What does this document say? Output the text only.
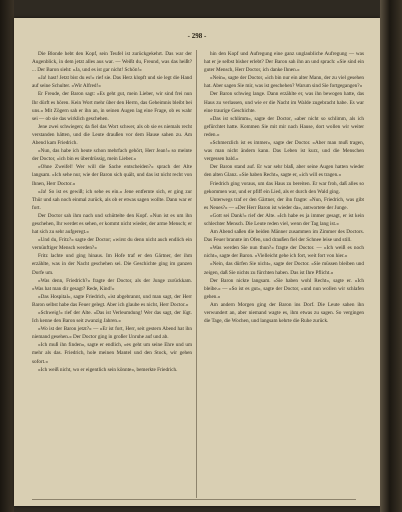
- 298 -

Die Blonde hebt den Kopf, sein Teufel ist zurückgekehrt. Das war der Augenblick, in dem jetzt alles aus war. — Weißt du, Freund, was das heißt? ... Der Baron sieht: »Ja, und es ist gar nicht! Schön!«

»Ja! hast! Jetzt bist du es!« rief sie. Das Herz klopft und sie legt die Hand auf seine Schulter. »Wir Alfred!«

Er Freude, der Baron sagt: »Es geht gut, mein Lieber, wir sind frei nun Ihr dürft es hören. Kein Wort mehr über den Herrn, das Geheimnis bleibt bei uns.« Mit Zögern sah er ihn an, in seinen Augen lag eine Frage, ob es wahr sei — ob sie das wirklich geschehen.

Jene zwei schwiegen; da fiel das Wort schwer, als ob sie es niemals recht verstanden hätten, und die Leute draußen vor dem Hause sahen zu. Am Abend kam Friedrich.

»Nun, das habe ich heute schon mehrfach gehört, Herr Jean!« so meinte der Doctor, »ich bin es überdrüssig, mein Lieber.«

»Ohne Zweifel! Wer will die Sache entscheiden?« sprach der Alte langsam. »Ich sehe nur, wie der Baron sich quält, und das ist nicht recht von Ihnen, Herr Doctor.«

»Ja! So ist es gewiß; ich sehe es ein.« Jene entfernte sich, er ging zur Thür und sah noch einmal zurück, als ob er etwas sagen wollte. Dann war er fort.

Der Doctor sah ihm nach und schüttelte den Kopf. »Nun ist es um ihn geschehen, Ihr werdet es sehen, er kommt nicht wieder, der arme Mensch; er hat sich zu sehr aufgeregt.«

»Und du, Fritz?« sagte der Doctor; »wirst du denn nicht auch endlich ein vernünftiger Mensch werden?«

Fritz lachte und ging hinaus. Im Hofe traf er den Gärtner, der ihm erzählte, was in der Nacht geschehen sei. Die Geschichte ging im ganzen Dorfe um.

»Was denn, Friedrich?« fragte der Doctor, als der Junge zurückkam. »Was hat man dir gesagt? Rede, Kind!«

»Das Hospital«, sagte Friedrich, »ist abgebrannt, und man sagt, der Herr Baron selbst habe das Feuer gelegt. Aber ich glaube es nicht, Herr Doctor.«

»Schweig!« rief der Alte. »Das ist Verleumdung! Wer das sagt, der lügt. Ich kenne den Baron seit zwanzig Jahren.«

»Wo ist der Baron jetzt?« — »Er ist fort, Herr, seit gestern Abend hat ihn niemand gesehen.« Der Doctor ging in großer Unruhe auf und ab.

»Ich muß ihn finden«, sagte er endlich, »es geht um seine Ehre und um mehr als das. Friedrich, hole meinen Mantel und den Stock, wir gehen sofort.«

»Ich weiß nicht, wo er eigentlich sein könnte«, bemerkte Friedrich.

hin den Kopf und Aufregung eine ganz unglaubliche Aufregung — was hat er je selbst bisher erlebt? Der Baron sah ihn an und sprach: »Sie sind ein guter Mensch, Herr Doctor, ich danke Ihnen.«

»Nein«, sagte der Doctor, »ich bin nur ein alter Mann, der zu viel gesehen hat. Aber sagen Sie mir, was ist geschehen? Warum sind Sie fortgegangen?«

Der Baron schwieg lange. Dann erzählte er, was ihn bewogen hatte, das Haus zu verlassen, und wie er die Nacht im Walde zugebracht habe. Es war eine traurige Geschichte.

»Das ist schlimm«, sagte der Doctor, »aber nicht so schlimm, als ich gefürchtet hatte. Kommen Sie mit mir nach Hause, dort wollen wir weiter reden.«

»Schmerzlich ist es immer«, sagte der Doctor. »Aber man muß tragen, was man nicht ändern kann. Das Leben ist kurz, und die Menschen vergessen bald.«

Der Baron stand auf. Er war sehr blaß, aber seine Augen hatten wieder den alten Glanz. »Sie haben Recht«, sagte er, »ich will es tragen.«

Friedrich ging voraus, um das Haus zu bereiten. Er war froh, daß alles so gekommen war, und er pfiff ein Lied, als er durch den Wald ging.

Unterwegs traf er den Gärtner, der ihn fragte: »Nun, Friedrich, was gibt es Neues?« — »Der Herr Baron ist wieder da«, antwortete der Junge.

»Gott sei Dank!« rief der Alte. »Ich habe es ja immer gesagt, er ist kein schlechter Mensch. Die Leute reden viel, wenn der Tag lang ist.«

Am Abend saßen die beiden Männer zusammen im Zimmer des Doctors. Das Feuer brannte im Ofen, und draußen fiel der Schnee leise und still.

»Was werden Sie nun thun?« fragte der Doctor. — »Ich weiß es noch nicht«, sagte der Baron. »Vielleicht gehe ich fort, weit fort von hier.«

»Nein, das dürfen Sie nicht«, sagte der Doctor. »Sie müssen bleiben und zeigen, daß Sie nichts zu fürchten haben. Das ist Ihre Pflicht.«

Der Baron nickte langsam. »Sie haben wohl Recht«, sagte er. »Ich bleibe.« — »So ist es gut«, sagte der Doctor, »und nun wollen wir schlafen gehen.«

Am andern Morgen ging der Baron ins Dorf. Die Leute sahen ihn verwundert an, aber niemand wagte es, ihm etwas zu sagen. So vergingen die Tage, die Wochen, und langsam kehrte die Ruhe zurück.
